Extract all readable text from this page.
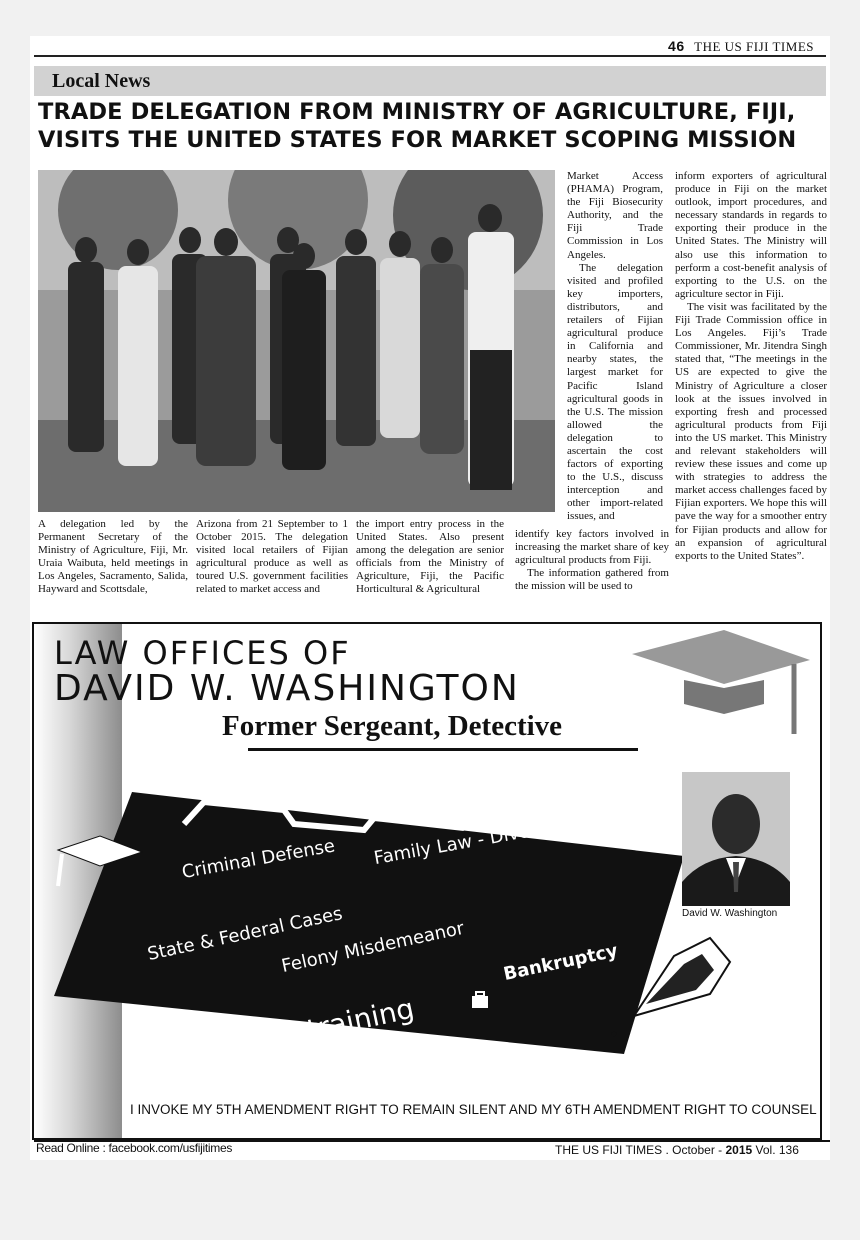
46 THE US FIJI TIMES
Local News
TRADE DELEGATION FROM MINISTRY OF AGRICULTURE, FIJI,
VISITS THE UNITED STATES FOR MARKET SCOPING MISSION

A delegation led by the Permanent Secretary of the Ministry of Agriculture, Fiji, Mr. Uraia Waibuta, held meetings in Los Angeles, Sacramento, Salida, Hayward and Scottsdale,

Arizona from 21 September to 1 October 2015. The delegation visited local retailers of Fijian agricultural produce as well as toured U.S. government facilities related to market access and

the import entry process in the United States. Also present among the delegation are senior officials from the Ministry of Agriculture, Fiji, the Pacific Horticultural & Agricultural

Market Access (PHAMA) Program, the Fiji Biosecurity Authority, and the Fiji Trade Commission in Los Angeles.

The delegation visited and profiled key importers, distributors, and retailers of Fijian agricultural produce in California and nearby states, the largest market for Pacific Island agricultural goods in the U.S. The mission allowed the delegation to ascertain the cost factors of exporting to the U.S., discuss interception and other import-related issues, and

identify key factors involved in increasing the market share of key agricultural products from Fiji.

The information gathered from the mission will be used to

inform exporters of agricultural produce in Fiji on the market outlook, import procedures, and necessary standards in regards to exporting their produce in the United States. The Ministry will also use this information to perform a cost-benefit analysis of exporting to the U.S. on the agriculture sector in Fiji.

The visit was facilitated by the Fiji Trade Commission office in Los Angeles. Fiji’s Trade Commissioner, Mr. Jitendra Singh stated that, “The meetings in the US are expected to give the Ministry of Agriculture a closer look at the issues involved in exporting fresh and processed agricultural products from Fiji into the US market. This Ministry and relevant stakeholders will review these issues and come up with strategies to address the market access challenges faced by Fijian exporters. We hope this will pave the way for a smoother entry for Fijian products and allow for an expansion of agricultural exports to the United States”.

LAW OFFICES OF
DAVID W. WASHINGTON
Former Sergeant, Detective
Criminal Defense Family Law - Divorce
State & Federal Cases
Felony Misdemeanor Bankruptcy
Restraining
Orders 415-269-2627
David W. Washington
I INVOKE MY 5TH AMENDMENT RIGHT TO REMAIN SILENT AND MY 6TH AMENDMENT RIGHT TO COUNSEL
Read Online : facebook.com/usfijitimes	THE US FIJI TIMES . October - 2015 Vol. 136
